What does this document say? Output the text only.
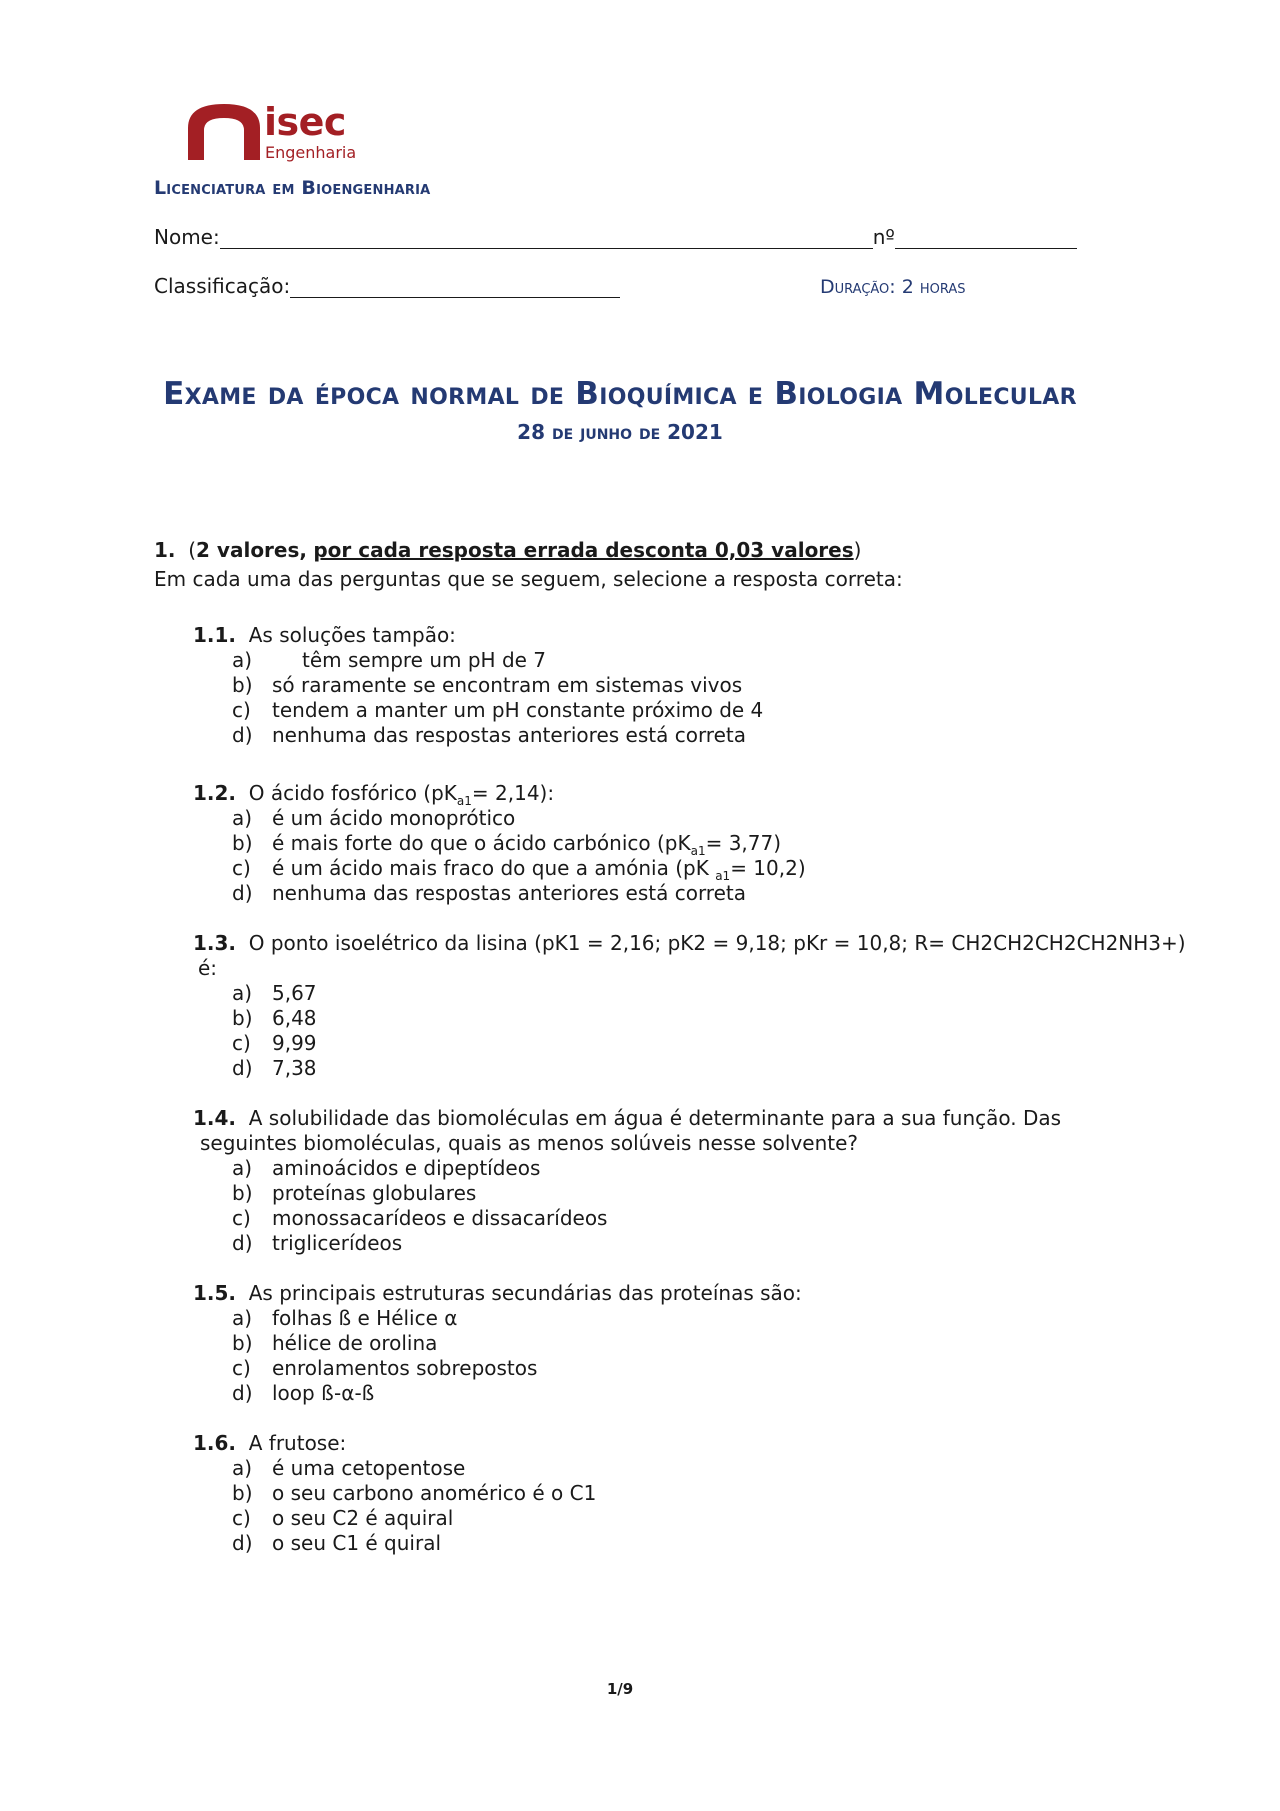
isec
Engenharia
Licenciatura em Bioengenharia
Nome:	nº
Classificação:	Duração: 2 horas
Exame da época normal de Bioquímica e Biologia Molecular
28 de junho de 2021
1.  (2 valores, por cada resposta errada desconta 0,03 valores)
Em cada uma das perguntas que se seguem, selecione a resposta correta:
1.1. As soluções tampão:
a) têm sempre um pH de 7
b) só raramente se encontram em sistemas vivos
c) tendem a manter um pH constante próximo de 4
d) nenhuma das respostas anteriores está correta
1.2. O ácido fosfórico $(pK_{a1}= 2,14)$:
a) é um ácido monoprótico
b) é mais forte do que o ácido carbónico $(pK_{a1}= 3,77)$
c) é um ácido mais fraco do que a amónia (pK $_{a1}$= 10,2)
d) nenhuma das respostas anteriores está correta
1.3. O ponto isoelétrico da lisina (pK1 = 2,16; pK2 = 9,18; pKr = 10,8; R= CH2CH2CH2CH2NH3+)
é:
a) 5,67
b) 6,48
c) 9,99
d) 7,38
1.4. A solubilidade das biomoléculas em água é determinante para a sua função. Das
seguintes biomoléculas, quais as menos solúveis nesse solvente?
a) aminoácidos e dipeptídeos
b) proteínas globulares
c) monossacarídeos e dissacarídeos
d) triglicerídeos
1.5. As principais estruturas secundárias das proteínas são:
a) folhas ß e Hélice α
b) hélice de orolina
c) enrolamentos sobrepostos
d) loop ß-α-ß
1.6. A frutose:
a) é uma cetopentose
b) o seu carbono anomérico é o C1
c) o seu C2 é aquiral
d) o seu C1 é quiral
1/9
